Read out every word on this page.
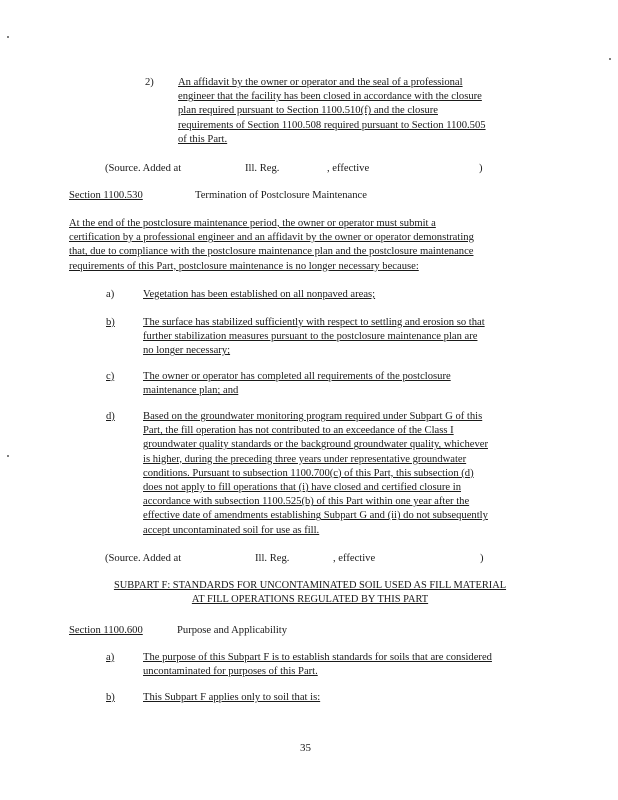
2) An affidavit by the owner or operator and the seal of a professional
engineer that the facility has been closed in accordance with the closure
plan required pursuant to Section 1100.510(f) and the closure
requirements of Section 1100.508 required pursuant to Section 1100.505
of this Part.
(Source. Added at	Ill. Reg.	, effective	)
Section 1100.530	Termination of Postclosure Maintenance
At the end of the postclosure maintenance period, the owner or operator must submit a
certification by a professional engineer and an affidavit by the owner or operator demonstrating
that, due to compliance with the postclosure maintenance plan and the postclosure maintenance
requirements of this Part, postclosure maintenance is no longer necessary because:
a)	Vegetation has been established on all nonpaved areas;
b)	The surface has stabilized sufficiently with respect to settling and erosion so that
further stabilization measures pursuant to the postclosure maintenance plan are
no longer necessary;
c)	The owner or operator has completed all requirements of the postclosure
maintenance plan; and
d)	Based on the groundwater monitoring program required under Subpart G of this
Part, the fill operation has not contributed to an exceedance of the Class I
groundwater quality standards or the background groundwater quality, whichever
is higher, during the preceding three years under representative groundwater
conditions. Pursuant to subsection 1100.700(c) of this Part, this subsection (d)
does not apply to fill operations that (i) have closed and certified closure in
accordance with subsection 1100.525(b) of this Part within one year after the
effective date of amendments establishing Subpart G and (ii) do not subsequently
accept uncontaminated soil for use as fill.
(Source. Added at	Ill. Reg.	, effective	)
SUBPART F: STANDARDS FOR UNCONTAMINATED SOIL USED AS FILL MATERIAL
AT FILL OPERATIONS REGULATED BY THIS PART
Section 1100.600	Purpose and Applicability
a)	The purpose of this Subpart F is to establish standards for soils that are considered
uncontaminated for purposes of this Part.
b)	This Subpart F applies only to soil that is:
35
